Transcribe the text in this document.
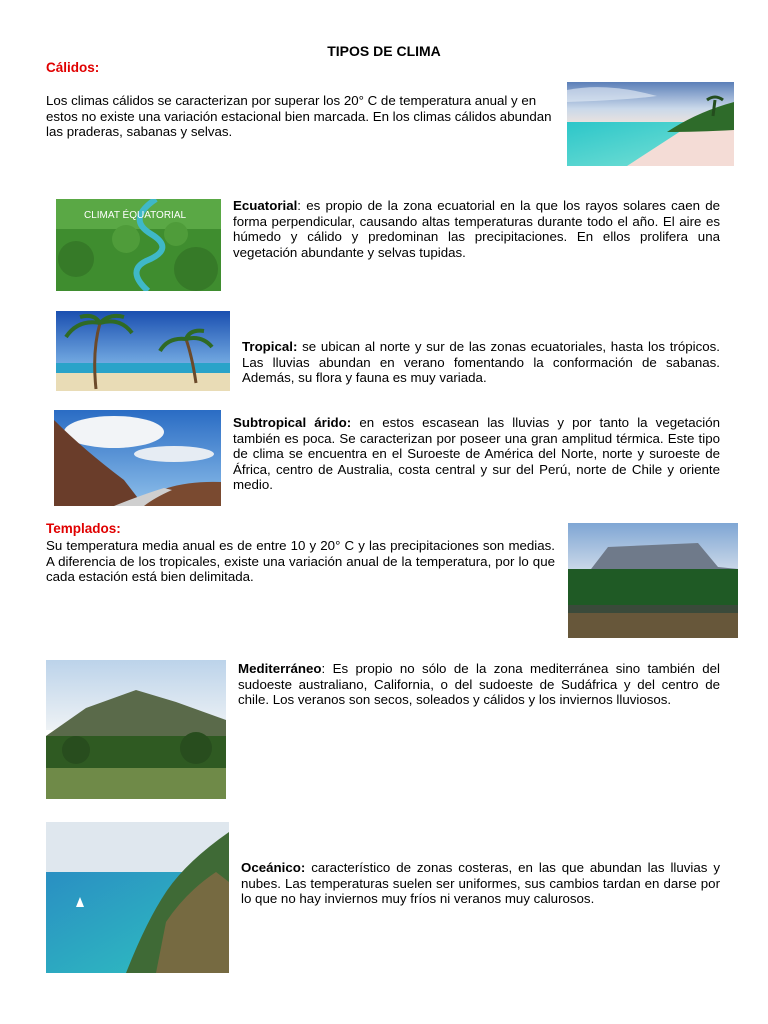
TIPOS DE CLIMA
Cálidos:
Los climas cálidos se caracterizan por superar los 20° C de temperatura anual y en estos no existe una variación estacional bien marcada. En los climas cálidos abundan las praderas, sabanas y selvas.
CLIMAT ÉQUATORIAL
Ecuatorial: es propio de la zona ecuatorial en la que los rayos solares caen de forma perpendicular, causando altas temperaturas durante todo el año. El aire es húmedo y cálido y predominan las precipitaciones. En ellos prolifera una vegetación abundante y selvas tupidas.
Tropical: se ubican al norte y sur de las zonas ecuatoriales, hasta los trópicos. Las lluvias abundan en verano fomentando la conformación de sabanas. Además, su flora y fauna es muy variada.
Subtropical árido: en estos escasean las lluvias y por tanto la vegetación también es poca. Se caracterizan por poseer una gran amplitud térmica. Este tipo de clima se encuentra en el Suroeste de América del Norte, norte y suroeste de África, centro de Australia, costa central y sur del Perú, norte de Chile y oriente medio.
Templados:
Su temperatura media anual es de entre 10 y 20° C y las precipitaciones son medias. A diferencia de los tropicales, existe una variación anual de la temperatura, por lo que cada estación está bien delimitada.
Mediterráneo: Es propio no sólo de la zona mediterránea sino también del sudoeste australiano, California, o del sudoeste de Sudáfrica y del centro de chile. Los veranos son secos, soleados y cálidos y los inviernos lluviosos.
Oceánico: característico de zonas costeras, en las que abundan las lluvias y nubes. Las temperaturas suelen ser uniformes, sus cambios tardan en darse por lo que no hay inviernos muy fríos ni veranos muy calurosos.
